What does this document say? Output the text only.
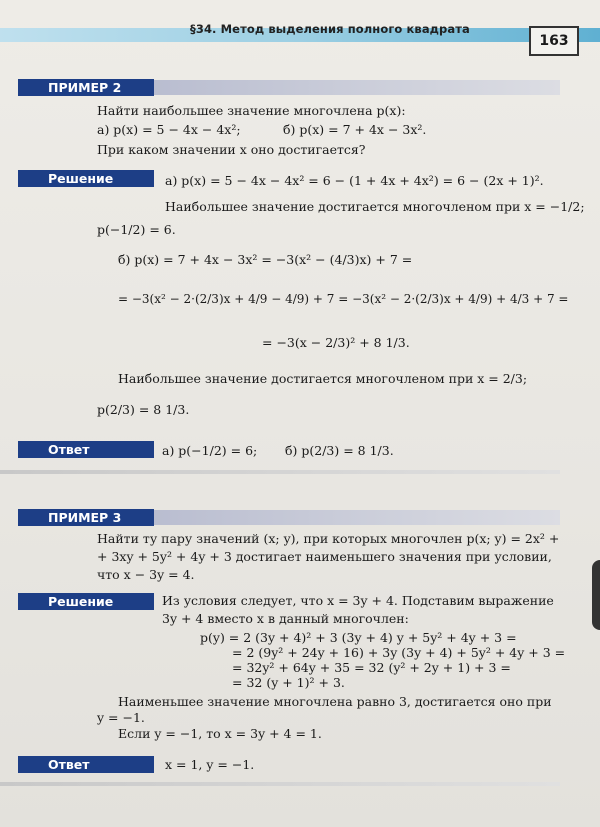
§34. Метод выделения полного квадрата
163
ПРИМЕР 2
Найти наибольшее значение многочлена p(x):
а) p(x) = 5 − 4x − 4x²;	б) p(x) = 7 + 4x − 3x².
При каком значении x оно достигается?
Решение	а) p(x) = 5 − 4x − 4x² = 6 − (1 + 4x + 4x²) = 6 − (2x + 1)².
Наибольшее значение достигается многочленом при x = −1/2;
p(−1/2) = 6.
б) p(x) = 7 + 4x − 3x² = −3(x² − (4/3)x) + 7 =
= −3(x² − 2·(2/3)x + 4/9 − 4/9) + 7 = −3(x² − 2·(2/3)x + 4/9) + 4/3 + 7 =
= −3(x − 2/3)² + 8 1/3.
Наибольшее значение достигается многочленом при x = 2/3;
p(2/3) = 8 1/3.
Ответ	а) p(−1/2) = 6; б) p(2/3) = 8 1/3.
ПРИМЕР 3
Найти ту пару значений (x; y), при которых многочлен p(x; y) = 2x² +
+ 3xy + 5y² + 4y + 3 достигает наименьшего значения при условии,
что x − 3y = 4.
Решение	Из условия следует, что x = 3y + 4. Подставим выражение
3y + 4 вместо x в данный многочлен:
p(y) = 2 (3y + 4)² + 3 (3y + 4) y + 5y² + 4y + 3 =
= 2 (9y² + 24y + 16) + 3y (3y + 4) + 5y² + 4y + 3 =
= 32y² + 64y + 35 = 32 (y² + 2y + 1) + 3 =
= 32 (y + 1)² + 3.
Наименьшее значение многочлена равно 3, достигается оно при
y = −1.
Если y = −1, то x = 3y + 4 = 1.
Ответ	x = 1, y = −1.
